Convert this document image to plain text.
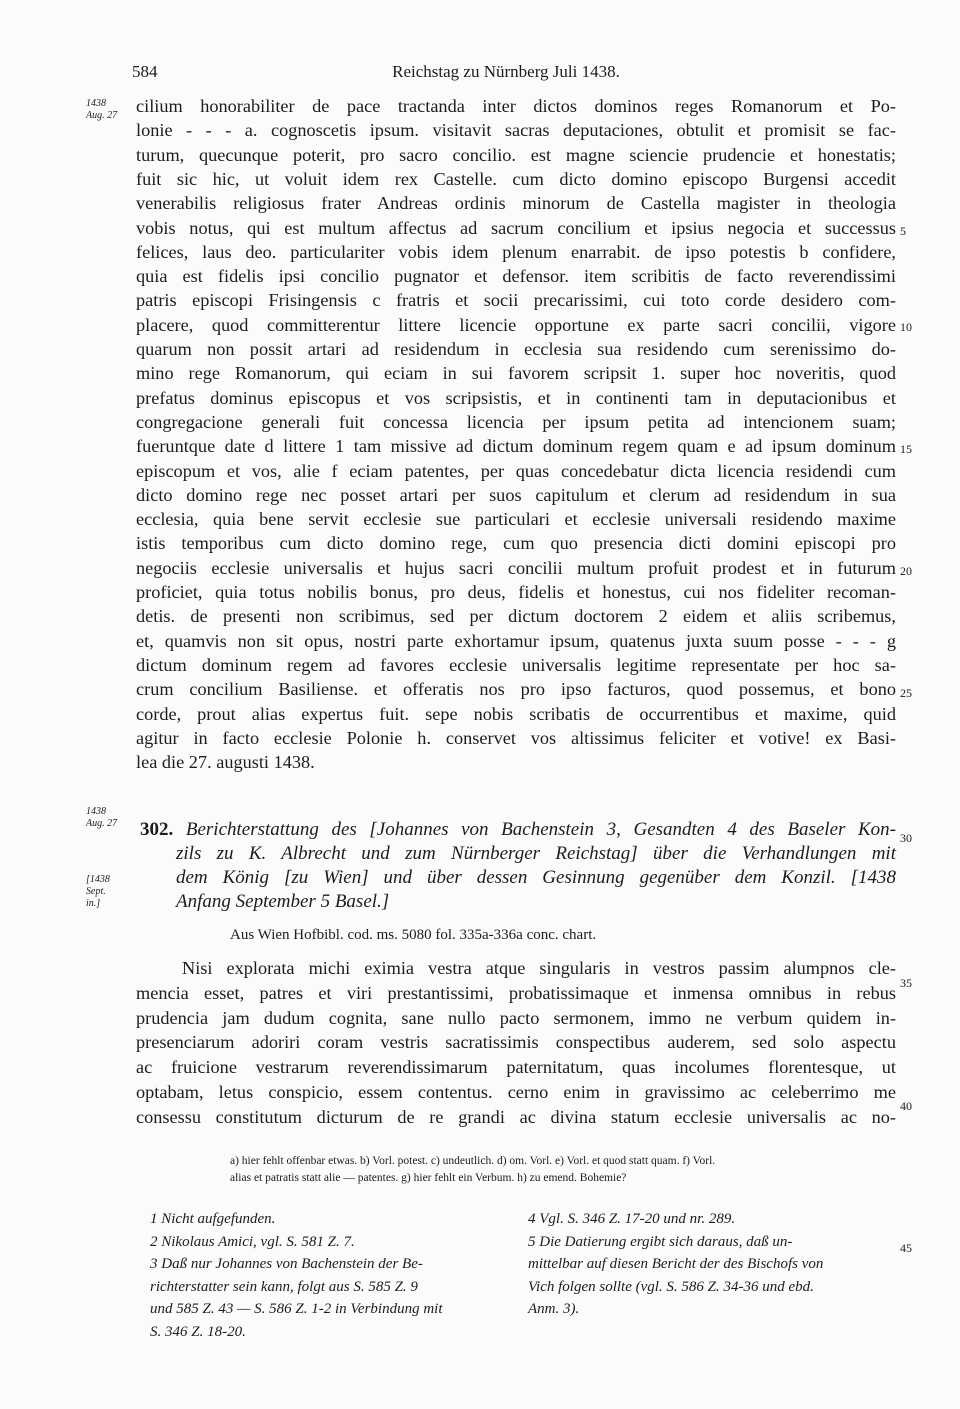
584	Reichstag zu Nürnberg Juli 1438.
1438
Aug. 27 cilium honorabiliter de pace tractanda inter dictos dominos reges Romanorum et Po-
lonie - - - a. cognoscetis ipsum. visitavit sacras deputaciones, obtulit et promisit se fac-
turum, quecunque poterit, pro sacro concilio. est magne sciencie prudencie et honestatis;
fuit sic hic, ut voluit idem rex Castelle. cum dicto domino episcopo Burgensi accedit
venerabilis religiosus frater Andreas ordinis minorum de Castella magister in theologia
vobis notus, qui est multum affectus ad sacrum concilium et ipsius negocia et successus
felices, laus deo. particulariter vobis idem plenum enarrabit. de ipso potestis b confidere,
quia est fidelis ipsi concilio pugnator et defensor. item scribitis de facto reverendissimi
patris episcopi Frisingensis c fratris et socii precarissimi, cui toto corde desidero com-
placere, quod committerentur littere licencie opportune ex parte sacri concilii, vigore
quarum non possit artari ad residendum in ecclesia sua residendo cum serenissimo do-
mino rege Romanorum, qui eciam in sui favorem scripsit 1. super hoc noveritis, quod
prefatus dominus episcopus et vos scripsistis, et in continenti tam in deputacionibus et
congregacione generali fuit concessa licencia per ipsum petita ad intencionem suam;
fueruntque date d littere 1 tam missive ad dictum dominum regem quam e ad ipsum dominum
episcopum et vos, alie f eciam patentes, per quas concedebatur dicta licencia residendi cum
dicto domino rege nec posset artari per suos capitulum et clerum ad residendum in sua
ecclesia, quia bene servit ecclesie sue particulari et ecclesie universali residendo maxime
istis temporibus cum dicto domino rege, cum quo presencia dicti domini episcopi pro
negociis ecclesie universalis et hujus sacri concilii multum profuit prodest et in futurum
proficiet, quia totus nobilis bonus, pro deus, fidelis et honestus, cui nos fideliter recoman-
detis. de presenti non scribimus, sed per dictum doctorem 2 eidem et aliis scribemus,
et, quamvis non sit opus, nostri parte exhortamur ipsum, quatenus juxta suum posse - - - g
dictum dominum regem ad favores ecclesie universalis legitime representate per hoc sa-
crum concilium Basiliense. et offeratis nos pro ipso facturos, quod possemus, et bono
corde, prout alias expertus fuit. sepe nobis scribatis de occurrentibus et maxime, quid
agitur in facto ecclesie Polonie h. conservet vos altissimus feliciter et votive! ex Basi-
lea die 27. augusti 1438.
1438
Aug. 27
[1438
Sept.
in.]
302. Berichterstattung des [Johannes von Bachenstein 3, Gesandten 4 des Baseler Kon-
zils zu K. Albrecht und zum Nürnberger Reichstag] über die Verhandlungen mit
dem König [zu Wien] und über dessen Gesinnung gegenüber dem Konzil. [1438
Anfang September 5 Basel.]
Aus Wien Hofbibl. cod. ms. 5080 fol. 335a-336a conc. chart.
Nisi explorata michi eximia vestra atque singularis in vestros passim alumpnos cle-
mencia esset, patres et viri prestantissimi, probatissimaque et inmensa omnibus in rebus
prudencia jam dudum cognita, sane nullo pacto sermonem, immo ne verbum quidem in-
presenciarum adoriri coram vestris sacratissimis conspectibus auderem, sed solo aspectu
ac fruicione vestrarum reverendissimarum paternitatum, quas incolumes florentesque, ut
optabam, letus conspicio, essem contentus. cerno enim in gravissimo ac celeberrimo me
consessu constitutum dicturum de re grandi ac divina statum ecclesie universalis ac no-
5
10
15
20
25
30
35
40
45
a) hier fehlt offenbar etwas. b) Vorl. potest. c) undeutlich. d) om. Vorl. e) Vorl. et quod statt quam. f) Vorl.
alias et patratis statt alie — patentes. g) hier fehlt ein Verbum. h) zu emend. Bohemie?
1 Nicht aufgefunden.
2 Nikolaus Amici, vgl. S. 581 Z. 7.
3 Daß nur Johannes von Bachenstein der Be-
richterstatter sein kann, folgt aus S. 585 Z. 9
und 585 Z. 43 — S. 586 Z. 1-2 in Verbindung mit
S. 346 Z. 18-20.
4 Vgl. S. 346 Z. 17-20 und nr. 289.
5 Die Datierung ergibt sich daraus, daß un-
mittelbar auf diesen Bericht der des Bischofs von
Vich folgen sollte (vgl. S. 586 Z. 34-36 und ebd.
Anm. 3).
